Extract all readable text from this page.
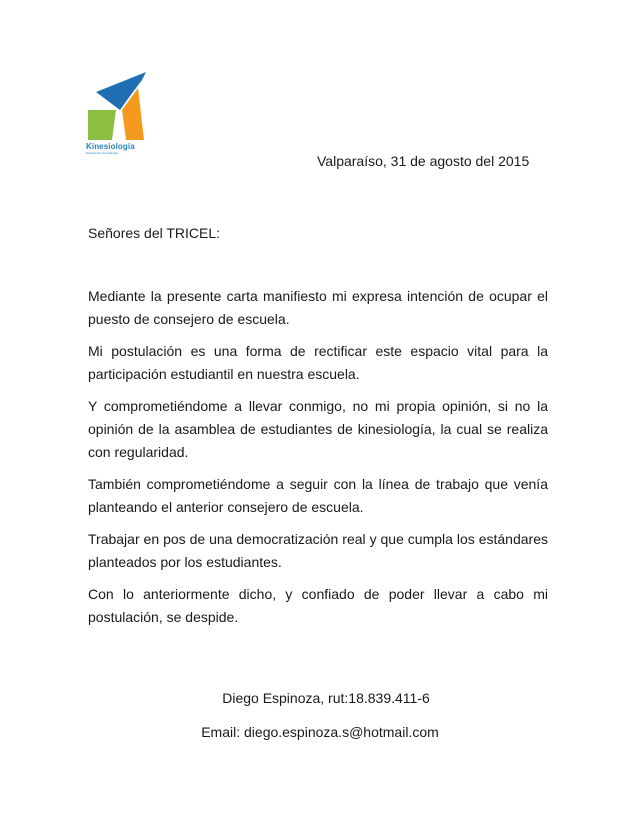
Kinesiología
Escuela de Kinesiología	Valparaíso, 31 de agosto del 2015
Señores del TRICEL:

Mediante la presente carta manifiesto mi expresa intención de ocupar el puesto de consejero de escuela.

Mi postulación es una forma de rectificar este espacio vital para la participación estudiantil en nuestra escuela.

Y comprometiéndome a llevar conmigo, no mi propia opinión, si no la opinión de la asamblea de estudiantes de kinesiología, la cual se realiza con regularidad.

También comprometiéndome a seguir con la línea de trabajo que venía planteando el anterior consejero de escuela.

Trabajar en pos de una democratización real y que cumpla los estándares planteados por los estudiantes.

Con lo anteriormente dicho, y confiado de poder llevar a cabo mi postulación, se despide.

Diego Espinoza, rut:18.839.411-6
Email: diego.espinoza.s@hotmail.com
